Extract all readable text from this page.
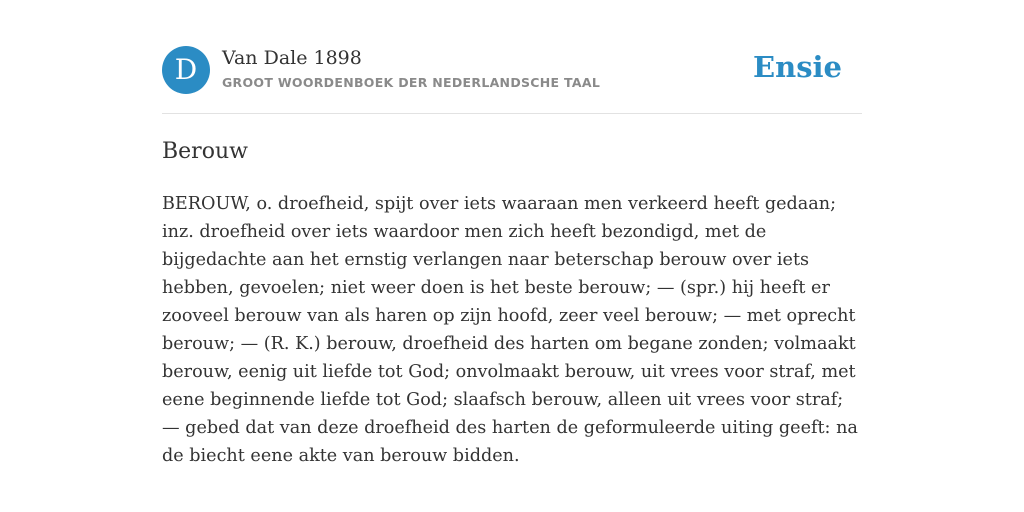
D	Van Dale 1898
GROOT WOORDENBOEK DER NEDERLANDSCHE TAAL	Ensie
Berouw

BEROUW, o. droefheid, spijt over iets waaraan men verkeerd heeft gedaan; inz. droefheid over iets waardoor men zich heeft bezondigd, met de bijgedachte aan het ernstig verlangen naar beterschap berouw over iets hebben, gevoelen; niet weer doen is het beste berouw; — (spr.) hij heeft er zooveel berouw van als haren op zijn hoofd, zeer veel berouw; — met oprecht berouw; — (R. K.) berouw, droefheid des harten om begane zonden; volmaakt berouw, eenig uit liefde tot God; onvolmaakt berouw, uit vrees voor straf, met eene beginnende liefde tot God; slaafsch berouw, alleen uit vrees voor straf; — gebed dat van deze droefheid des harten de geformuleerde uiting geeft: na de biecht eene akte van berouw bidden.
